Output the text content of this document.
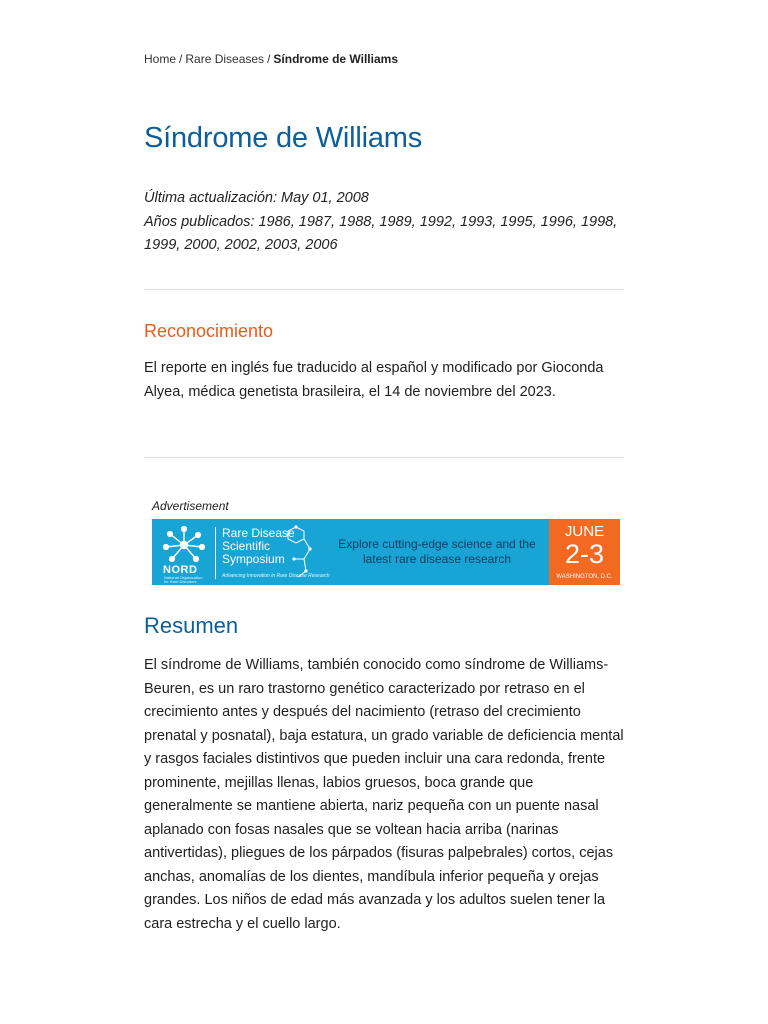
Home / Rare Diseases / Síndrome de Williams
Síndrome de Williams

Última actualización: May 01, 2008

Años publicados: 1986, 1987, 1988, 1989, 1992, 1993, 1995, 1996, 1998, 1999, 2000, 2002, 2003, 2006

Reconocimiento

El reporte en inglés fue traducido al español y modificado por Gioconda Alyea, médica genetista brasileira, el 14 de noviembre del 2023.

Advertisement
NORD
National Organization for Rare Disorders
Rare Disease
Scientific
Symposium
Advancing Innovation in Rare Disease Research
Explore cutting-edge science and the latest rare disease research
JUNE
2-3
WASHINGTON, D.C.
Resumen

El síndrome de Williams, también conocido como síndrome de Williams-Beuren, es un raro trastorno genético caracterizado por retraso en el crecimiento antes y después del nacimiento (retraso del crecimiento prenatal y posnatal), baja estatura, un grado variable de deficiencia mental y rasgos faciales distintivos que pueden incluir una cara redonda, frente prominente, mejillas llenas, labios gruesos, boca grande que generalmente se mantiene abierta, nariz pequeña con un puente nasal aplanado con fosas nasales que se voltean hacia arriba (narinas antivertidas), pliegues de los párpados (fisuras palpebrales) cortos, cejas anchas, anomalías de los dientes, mandíbula inferior pequeña y orejas grandes. Los niños de edad más avanzada y los adultos suelen tener la cara estrecha y el cuello largo.
